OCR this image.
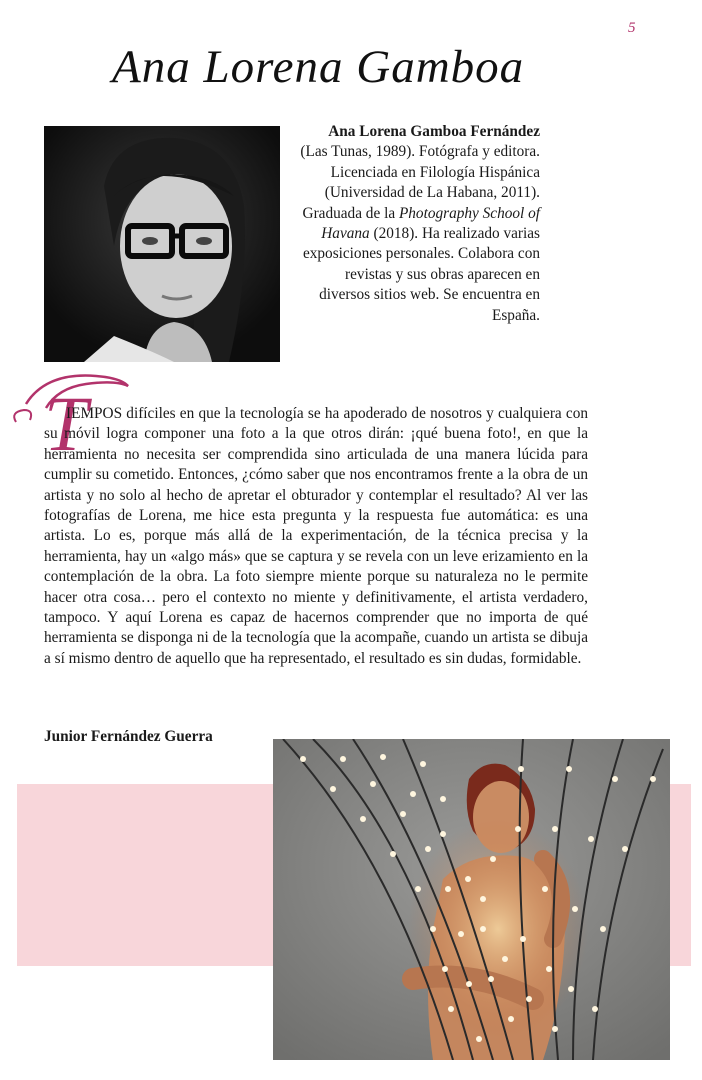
5
Ana Lorena Gamboa
Ana Lorena Gamboa Fernández (Las Tunas, 1989). Fotógrafa y editora. Licenciada en Filología Hispánica (Universidad de La Habana, 2011). Graduada de la Photography School of Havana (2018). Ha realizado varias exposiciones personales. Colabora con revistas y sus obras aparecen en diversos sitios web. Se encuentra en España.
T
IEMPOS difíciles en que la tecnología se ha apoderado de nosotros y cualquiera con su móvil logra componer una foto a la que otros dirán: ¡qué buena foto!, en que la herramienta no necesita ser comprendida sino articulada de una manera lúcida para cumplir su cometido. Entonces, ¿cómo saber que nos encontramos frente a la obra de un artista y no solo al hecho de apretar el obturador y contemplar el resultado? Al ver las fotografías de Lorena, me hice esta pregunta y la respuesta fue automática: es una artista. Lo es, porque más allá de la experimentación, de la técnica precisa y la herramienta, hay un «algo más» que se captura y se revela con un leve erizamiento en la contemplación de la obra. La foto siempre miente porque su naturaleza no le permite hacer otra cosa… pero el contexto no miente y definitivamente, el artista verdadero, tampoco. Y aquí Lorena es capaz de hacernos comprender que no importa de qué herramienta se disponga ni de la tecnología que la acompañe, cuando un artista se dibuja a sí mismo dentro de aquello que ha representado, el resultado es sin dudas, formidable.
Junior Fernández Guerra
